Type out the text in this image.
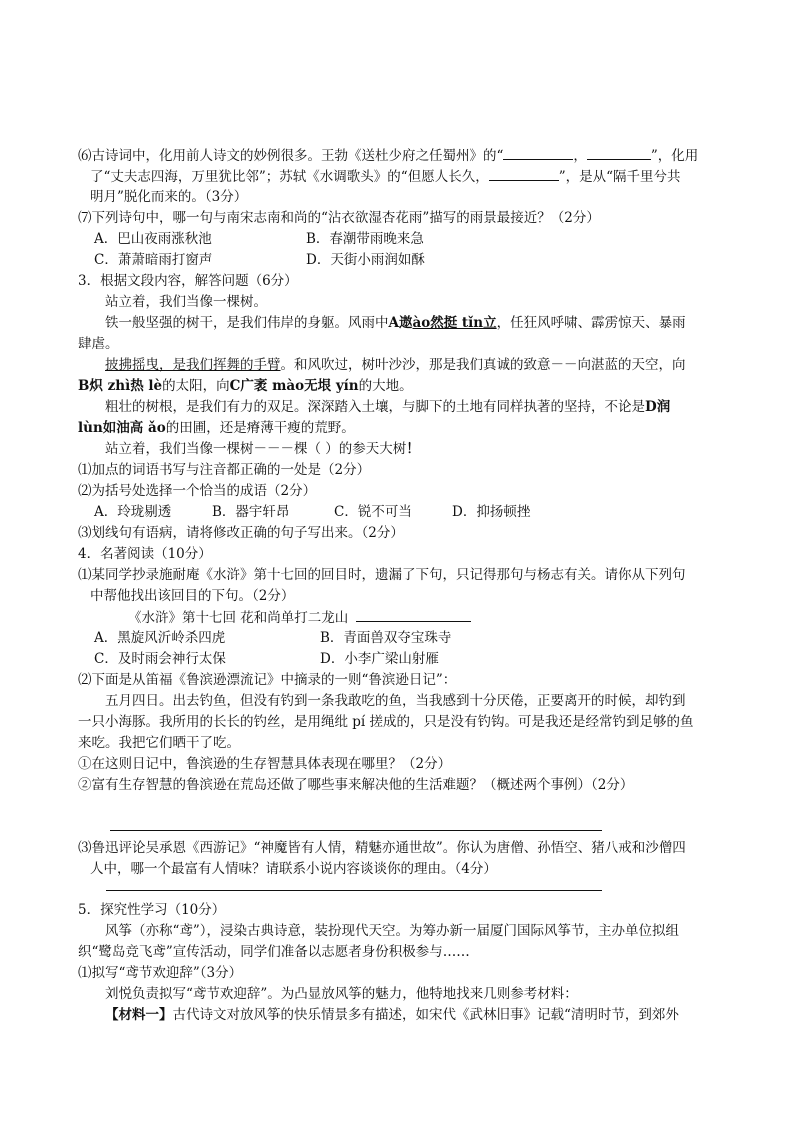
⑹古诗词中，化用前人诗文的妙例很多。王勃《送杜少府之任蜀州》的“	，	”，化用
了“丈夫志四海，万里犹比邻”；苏轼《水调歌头》的“但愿人长久，	”，是从“隔千里兮共
明月”脱化而来的。（3分）
⑺下列诗句中，哪一句与南宋志南和尚的“沾衣欲湿杏花雨”描写的雨景最接近？（2分）
A．巴山夜雨涨秋池	B．春潮带雨晚来急
C．萧萧暗雨打窗声	D．天街小雨润如酥
3．根据文段内容，解答问题（6分）
站立着，我们当像一棵树。
铁一般坚强的树干，是我们伟岸的身躯。风雨中A遨ào然挺 tǐn立，任狂风呼啸、霹雳惊天、暴雨
肆虐。
披拂摇曳，是我们挥舞的手臂。和风吹过，树叶沙沙，那是我们真诚的致意－－向湛蓝的天空，向
B炽 zhì热 lè的太阳，向C广袤 mào无垠 yín的大地。
粗壮的树根，是我们有力的双足。深深踏入土壤，与脚下的土地有同样执著的坚持，不论是D润
lùn如油高 ǎo的田圃，还是瘠薄干瘦的荒野。
站立着，我们当像一棵树－－－棵（ ）的参天大树！
⑴加点的词语书写与注音都正确的一处是（2分）
⑵为括号处选择一个恰当的成语（2分）
A．玲珑剔透	B．器宇轩昂	C．锐不可当	D．抑扬顿挫
⑶划线句有语病，请将修改正确的句子写出来。（2分）
4．名著阅读（10分）
⑴某同学抄录施耐庵《水浒》第十七回的回目时，遗漏了下句，只记得那句与杨志有关。请你从下列句
中帮他找出该回目的下句。（2分）
《水浒》第十七回 花和尚单打二龙山
A．黑旋风沂岭杀四虎	B．青面兽双夺宝珠寺
C．及时雨会神行太保	D．小李广梁山射雁
⑵下面是从笛福《鲁滨逊漂流记》中摘录的一则“鲁滨逊日记”：
五月四日。出去钓鱼，但没有钓到一条我敢吃的鱼，当我感到十分厌倦，正要离开的时候，却钓到
一只小海豚。我所用的长长的钓丝，是用绳纰 pí 搓成的，只是没有钓钩。可是我还是经常钓到足够的鱼
来吃。我把它们晒干了吃。
①在这则日记中，鲁滨逊的生存智慧具体表现在哪里？（2分）
②富有生存智慧的鲁滨逊在荒岛还做了哪些事来解决他的生活难题？（概述两个事例）（2分）
⑶鲁迅评论吴承恩《西游记》“神魔皆有人情，精魅亦通世故”。你认为唐僧、孙悟空、猪八戒和沙僧四
人中，哪一个最富有人情味？请联系小说内容谈谈你的理由。（4分）
5．探究性学习（10分）
风筝（亦称“鸢”），浸染古典诗意，装扮现代天空。为筹办新一届厦门国际风筝节，主办单位拟组
织“鹭岛竞飞鸢”宣传活动，同学们准备以志愿者身份积极参与……
⑴拟写“鸢节欢迎辞”（3分）
刘悦负责拟写“鸢节欢迎辞”。为凸显放风筝的魅力，他特地找来几则参考材料：
【材料一】古代诗文对放风筝的快乐情景多有描述，如宋代《武林旧事》记载“清明时节，到郊外
